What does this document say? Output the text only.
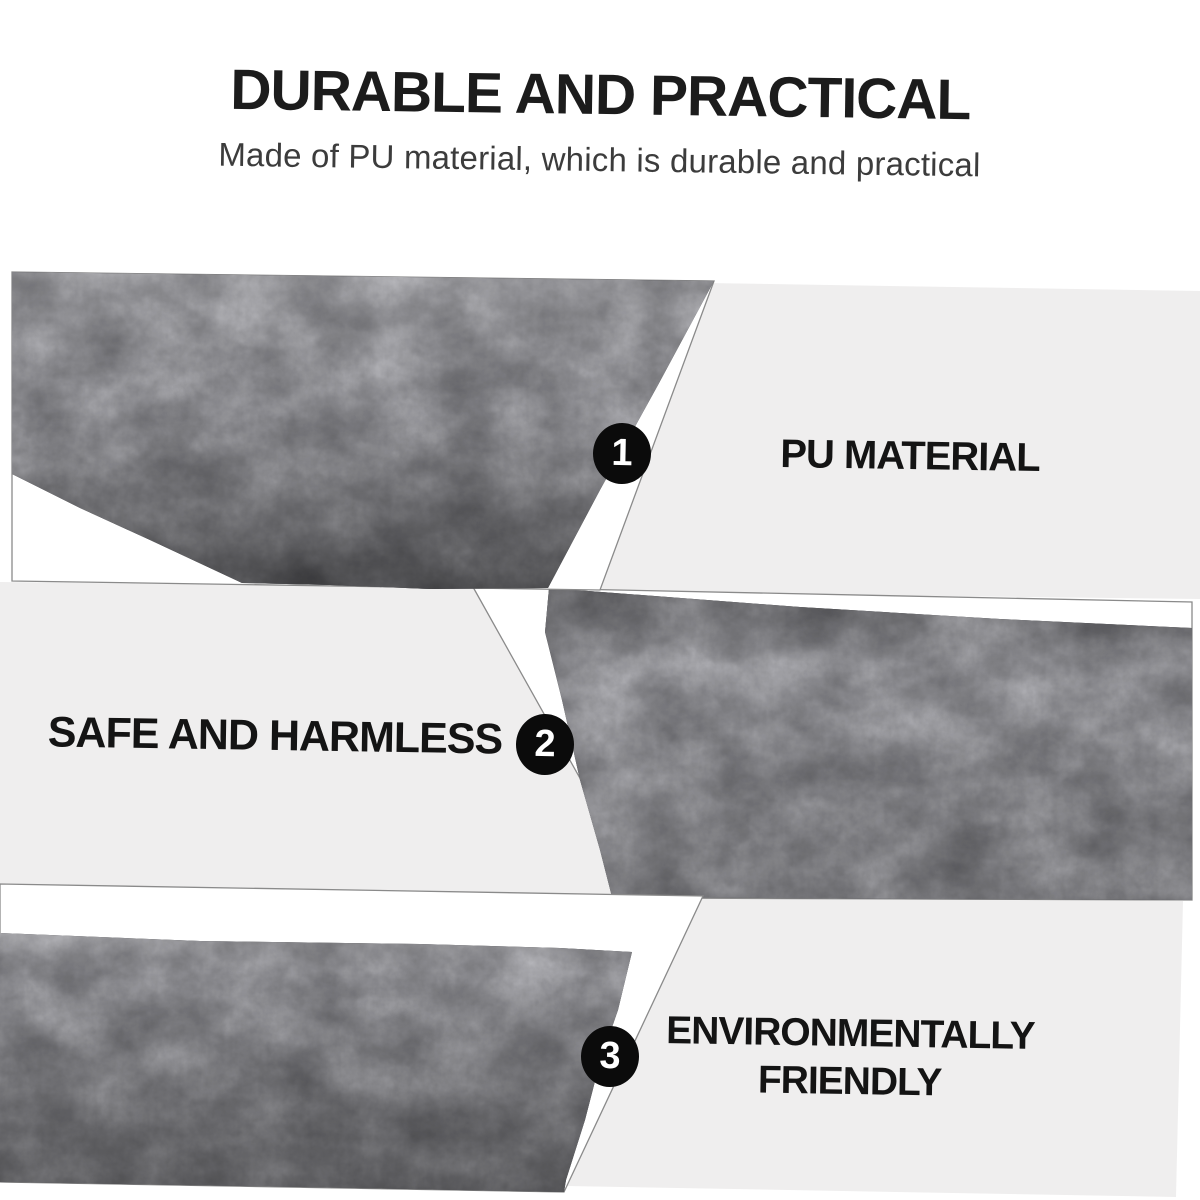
DURABLE AND PRACTICAL

Made of PU material, which is durable and practical

1	PU MATERIAL
2
SAFE AND HARMLESS
3	ENVIRONMENTALLY FRIENDLY
